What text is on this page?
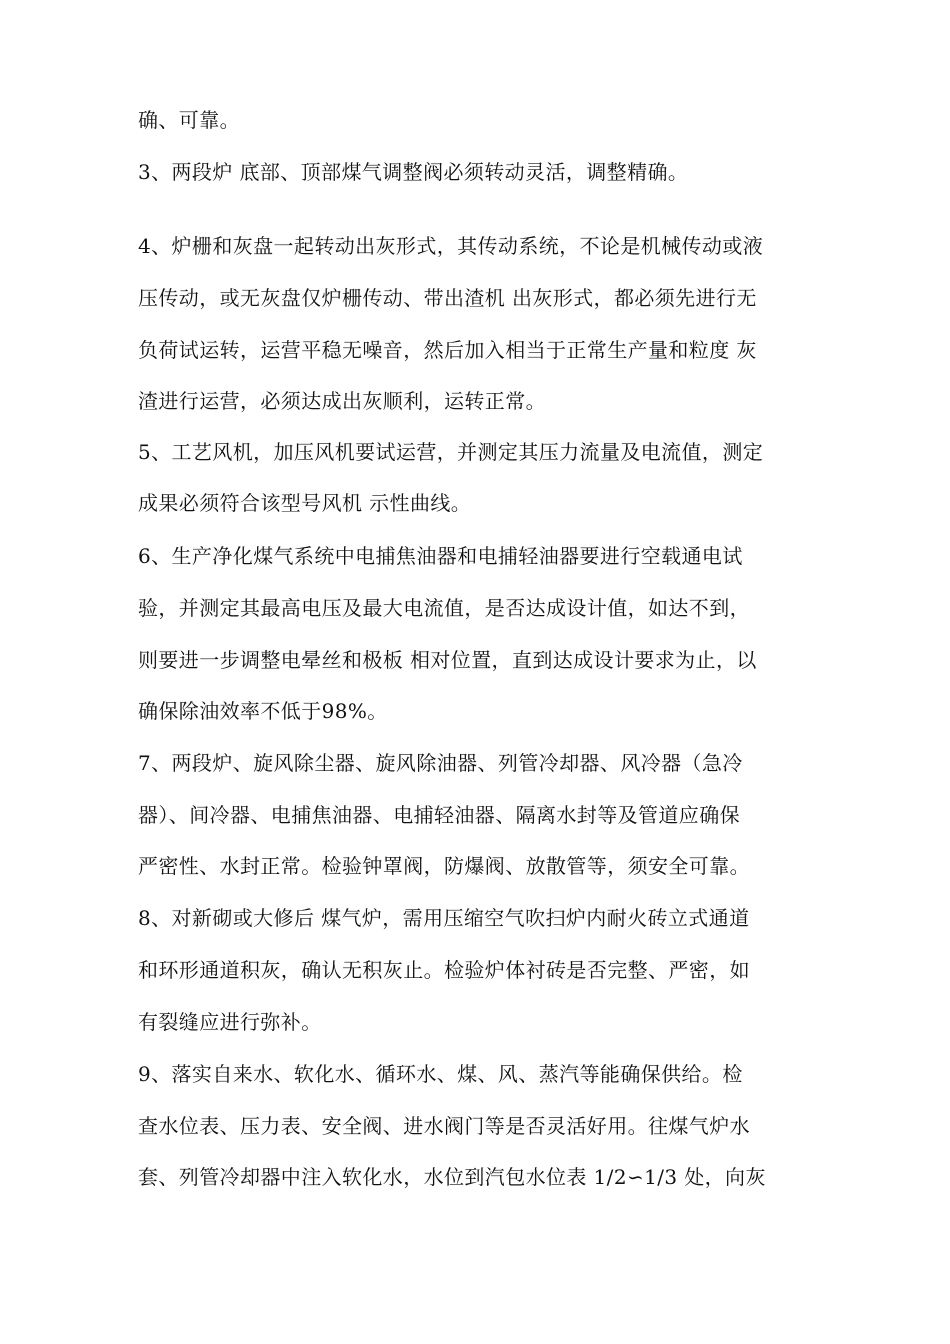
确、可靠。
3、两段炉 底部、顶部煤气调整阀必须转动灵活，调整精确。
4、炉栅和灰盘一起转动出灰形式，其传动系统，不论是机械传动或液
压传动，或无灰盘仅炉栅传动、带出渣机 出灰形式，都必须先进行无
负荷试运转，运营平稳无噪音，然后加入相当于正常生产量和粒度 灰
渣进行运营，必须达成出灰顺利，运转正常。
5、工艺风机，加压风机要试运营，并测定其压力流量及电流值，测定
成果必须符合该型号风机 示性曲线。
6、生产净化煤气系统中电捕焦油器和电捕轻油器要进行空载通电试
验，并测定其最高电压及最大电流值，是否达成设计值，如达不到，
则要进一步调整电晕丝和极板 相对位置，直到达成设计要求为止，以
确保除油效率不低于98%。
7、两段炉、旋风除尘器、旋风除油器、列管冷却器、风冷器（急冷
器）、间冷器、电捕焦油器、电捕轻油器、隔离水封等及管道应确保
严密性、水封正常。检验钟罩阀，防爆阀、放散管等，须安全可靠。
8、对新砌或大修后 煤气炉，需用压缩空气吹扫炉内耐火砖立式通道
和环形通道积灰，确认无积灰止。检验炉体衬砖是否完整、严密，如
有裂缝应进行弥补。
9、落实自来水、软化水、循环水、煤、风、蒸汽等能确保供给。检
查水位表、压力表、安全阀、进水阀门等是否灵活好用。往煤气炉水
套、列管冷却器中注入软化水，水位到汽包水位表 1/2∽1/3 处，向灰
